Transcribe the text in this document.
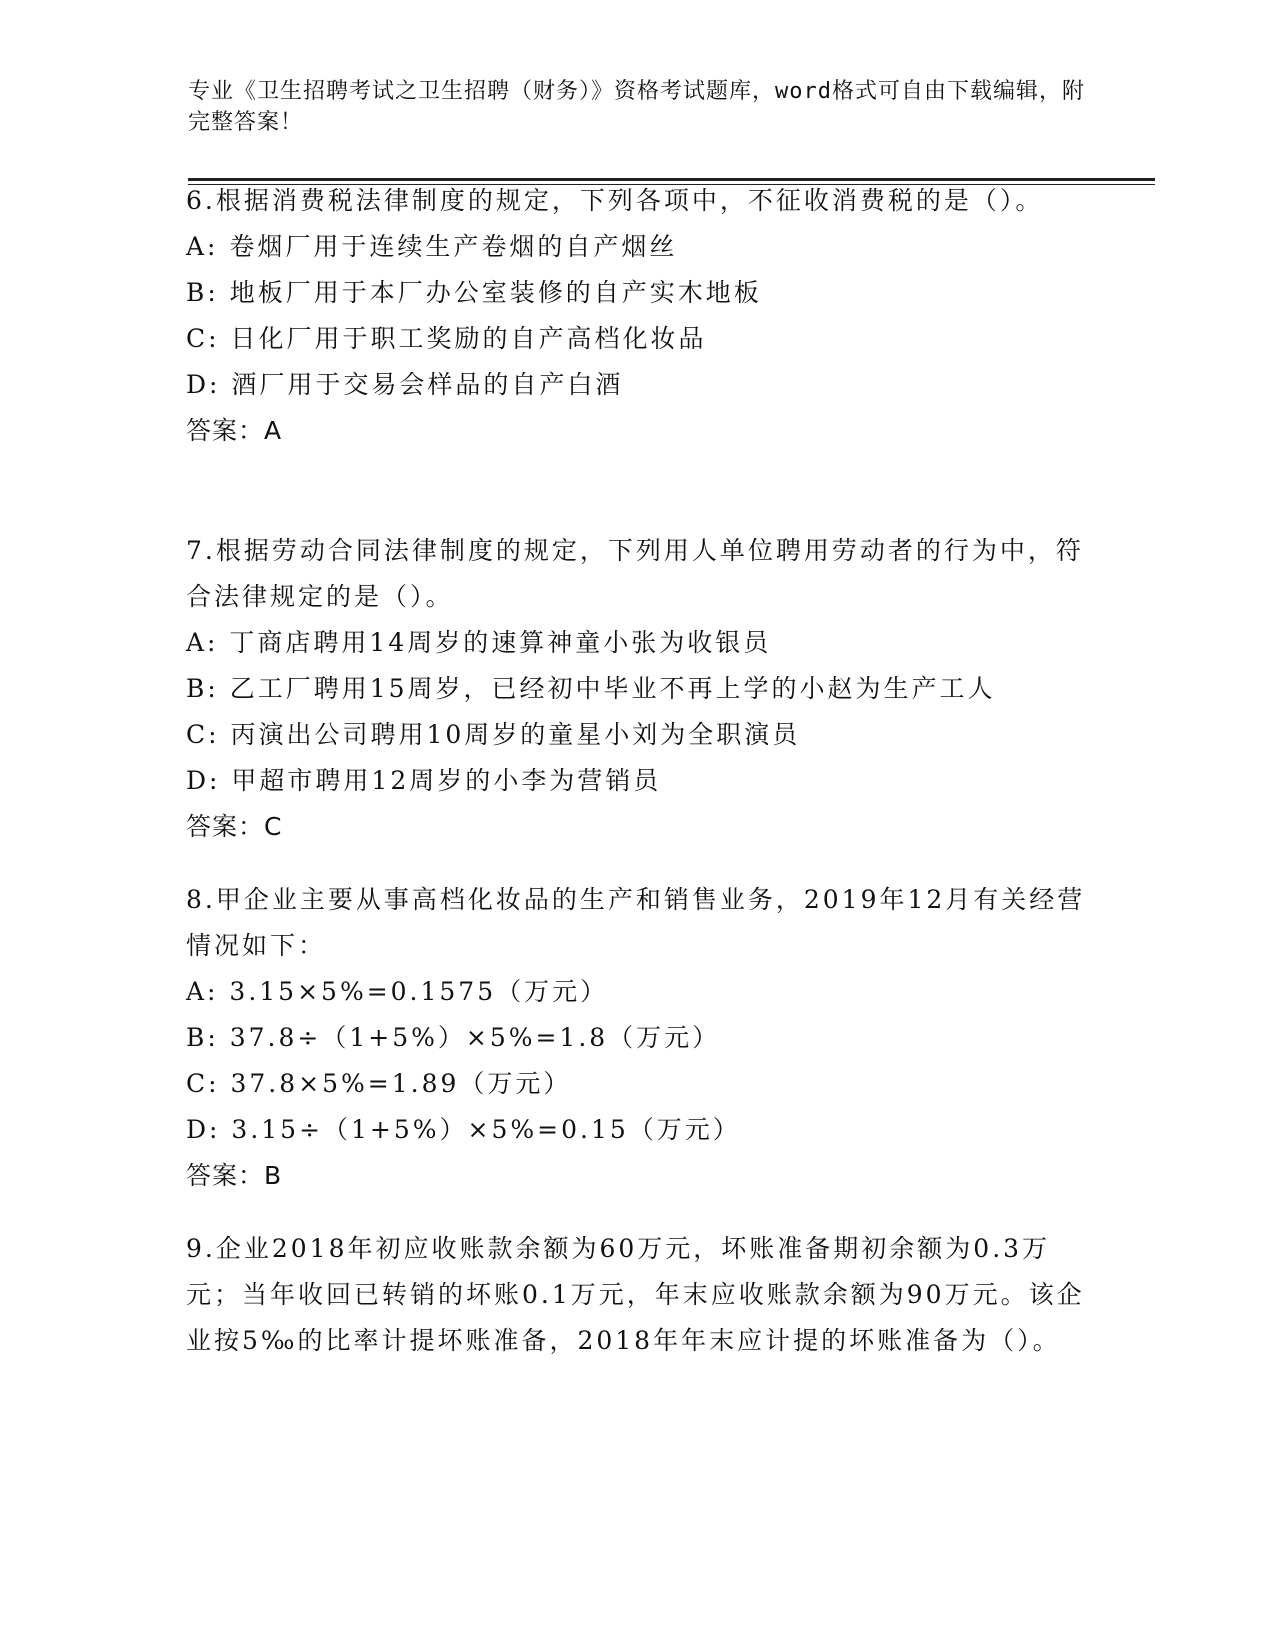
专业《卫生招聘考试之卫生招聘（财务）》资格考试题库，word格式可自由下载编辑，附完整答案！

6.根据消费税法律制度的规定，下列各项中，不征收消费税的是（）。

A: 卷烟厂用于连续生产卷烟的自产烟丝

B: 地板厂用于本厂办公室装修的自产实木地板

C: 日化厂用于职工奖励的自产高档化妆品

D: 酒厂用于交易会样品的自产白酒

答案：A

7.根据劳动合同法律制度的规定，下列用人单位聘用劳动者的行为中，符合法律规定的是（）。

A: 丁商店聘用14周岁的速算神童小张为收银员

B: 乙工厂聘用15周岁，已经初中毕业不再上学的小赵为生产工人

C: 丙演出公司聘用10周岁的童星小刘为全职演员

D: 甲超市聘用12周岁的小李为营销员

答案：C

8.甲企业主要从事高档化妆品的生产和销售业务，2019年12月有关经营情况如下：

A: 3.15×5%=0.1575（万元）

B: 37.8÷（1+5%）×5%=1.8（万元）

C: 37.8×5%=1.89（万元）

D: 3.15÷（1+5%）×5%=0.15（万元）

答案：B

9.企业2018年初应收账款余额为60万元，坏账准备期初余额为0.3万元；当年收回已转销的坏账0.1万元，年末应收账款余额为90万元。该企业按5‰的比率计提坏账准备，2018年年末应计提的坏账准备为（）。
